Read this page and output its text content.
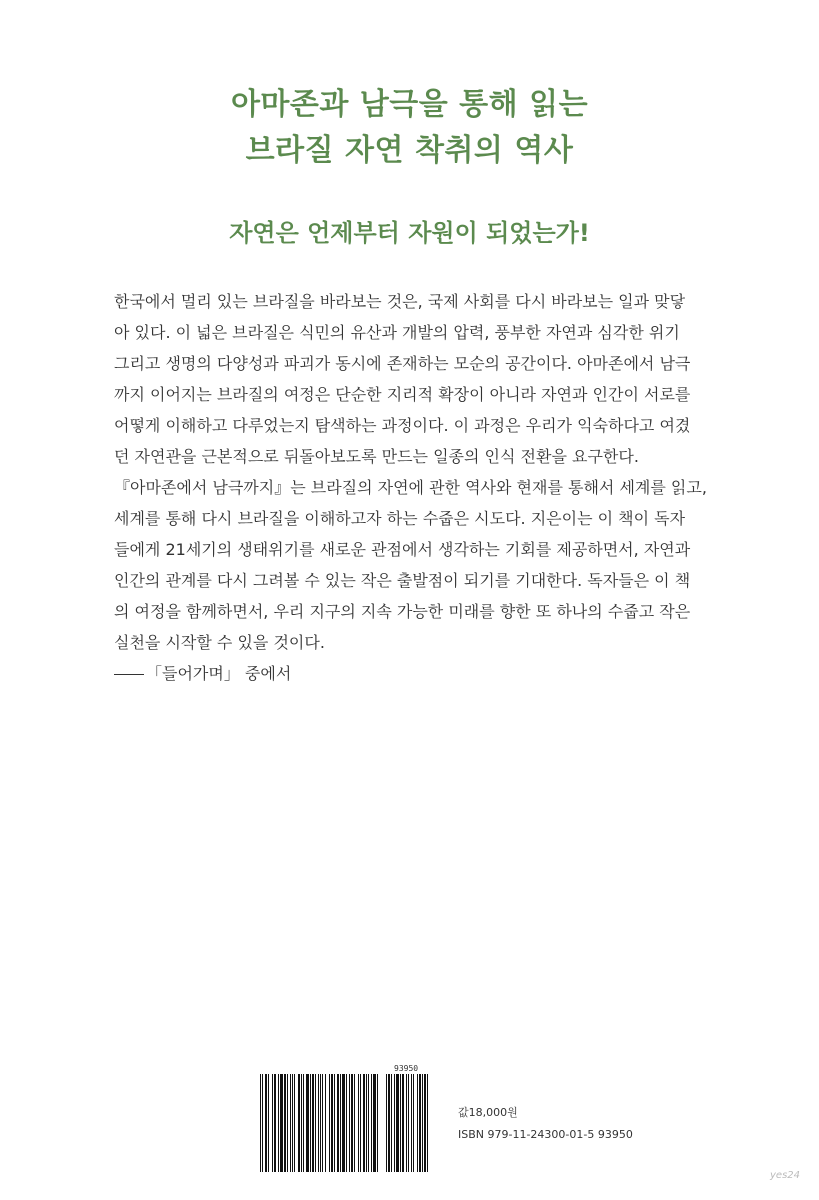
아마존과 남극을 통해 읽는
브라질 자연 착취의 역사
자연은 언제부터 자원이 되었는가!
한국에서 멀리 있는 브라질을 바라보는 것은, 국제 사회를 다시 바라보는 일과 맞닿
아 있다. 이 넓은 브라질은 식민의 유산과 개발의 압력, 풍부한 자연과 심각한 위기
그리고 생명의 다양성과 파괴가 동시에 존재하는 모순의 공간이다. 아마존에서 남극
까지 이어지는 브라질의 여정은 단순한 지리적 확장이 아니라 자연과 인간이 서로를
어떻게 이해하고 다루었는지 탐색하는 과정이다. 이 과정은 우리가 익숙하다고 여겼
던 자연관을 근본적으로 뒤돌아보도록 만드는 일종의 인식 전환을 요구한다.
『아마존에서 남극까지』는 브라질의 자연에 관한 역사와 현재를 통해서 세계를 읽고,
세계를 통해 다시 브라질을 이해하고자 하는 수줍은 시도다. 지은이는 이 책이 독자
들에게 21세기의 생태위기를 새로운 관점에서 생각하는 기회를 제공하면서, 자연과
인간의 관계를 다시 그려볼 수 있는 작은 출발점이 되기를 기대한다. 독자들은 이 책
의 여정을 함께하면서, 우리 지구의 지속 가능한 미래를 향한 또 하나의 수줍고 작은
실천을 시작할 수 있을 것이다.
「들어가며」 중에서
93950
값18,000원
ISBN 979-11-24300-01-5 93950
yes24
